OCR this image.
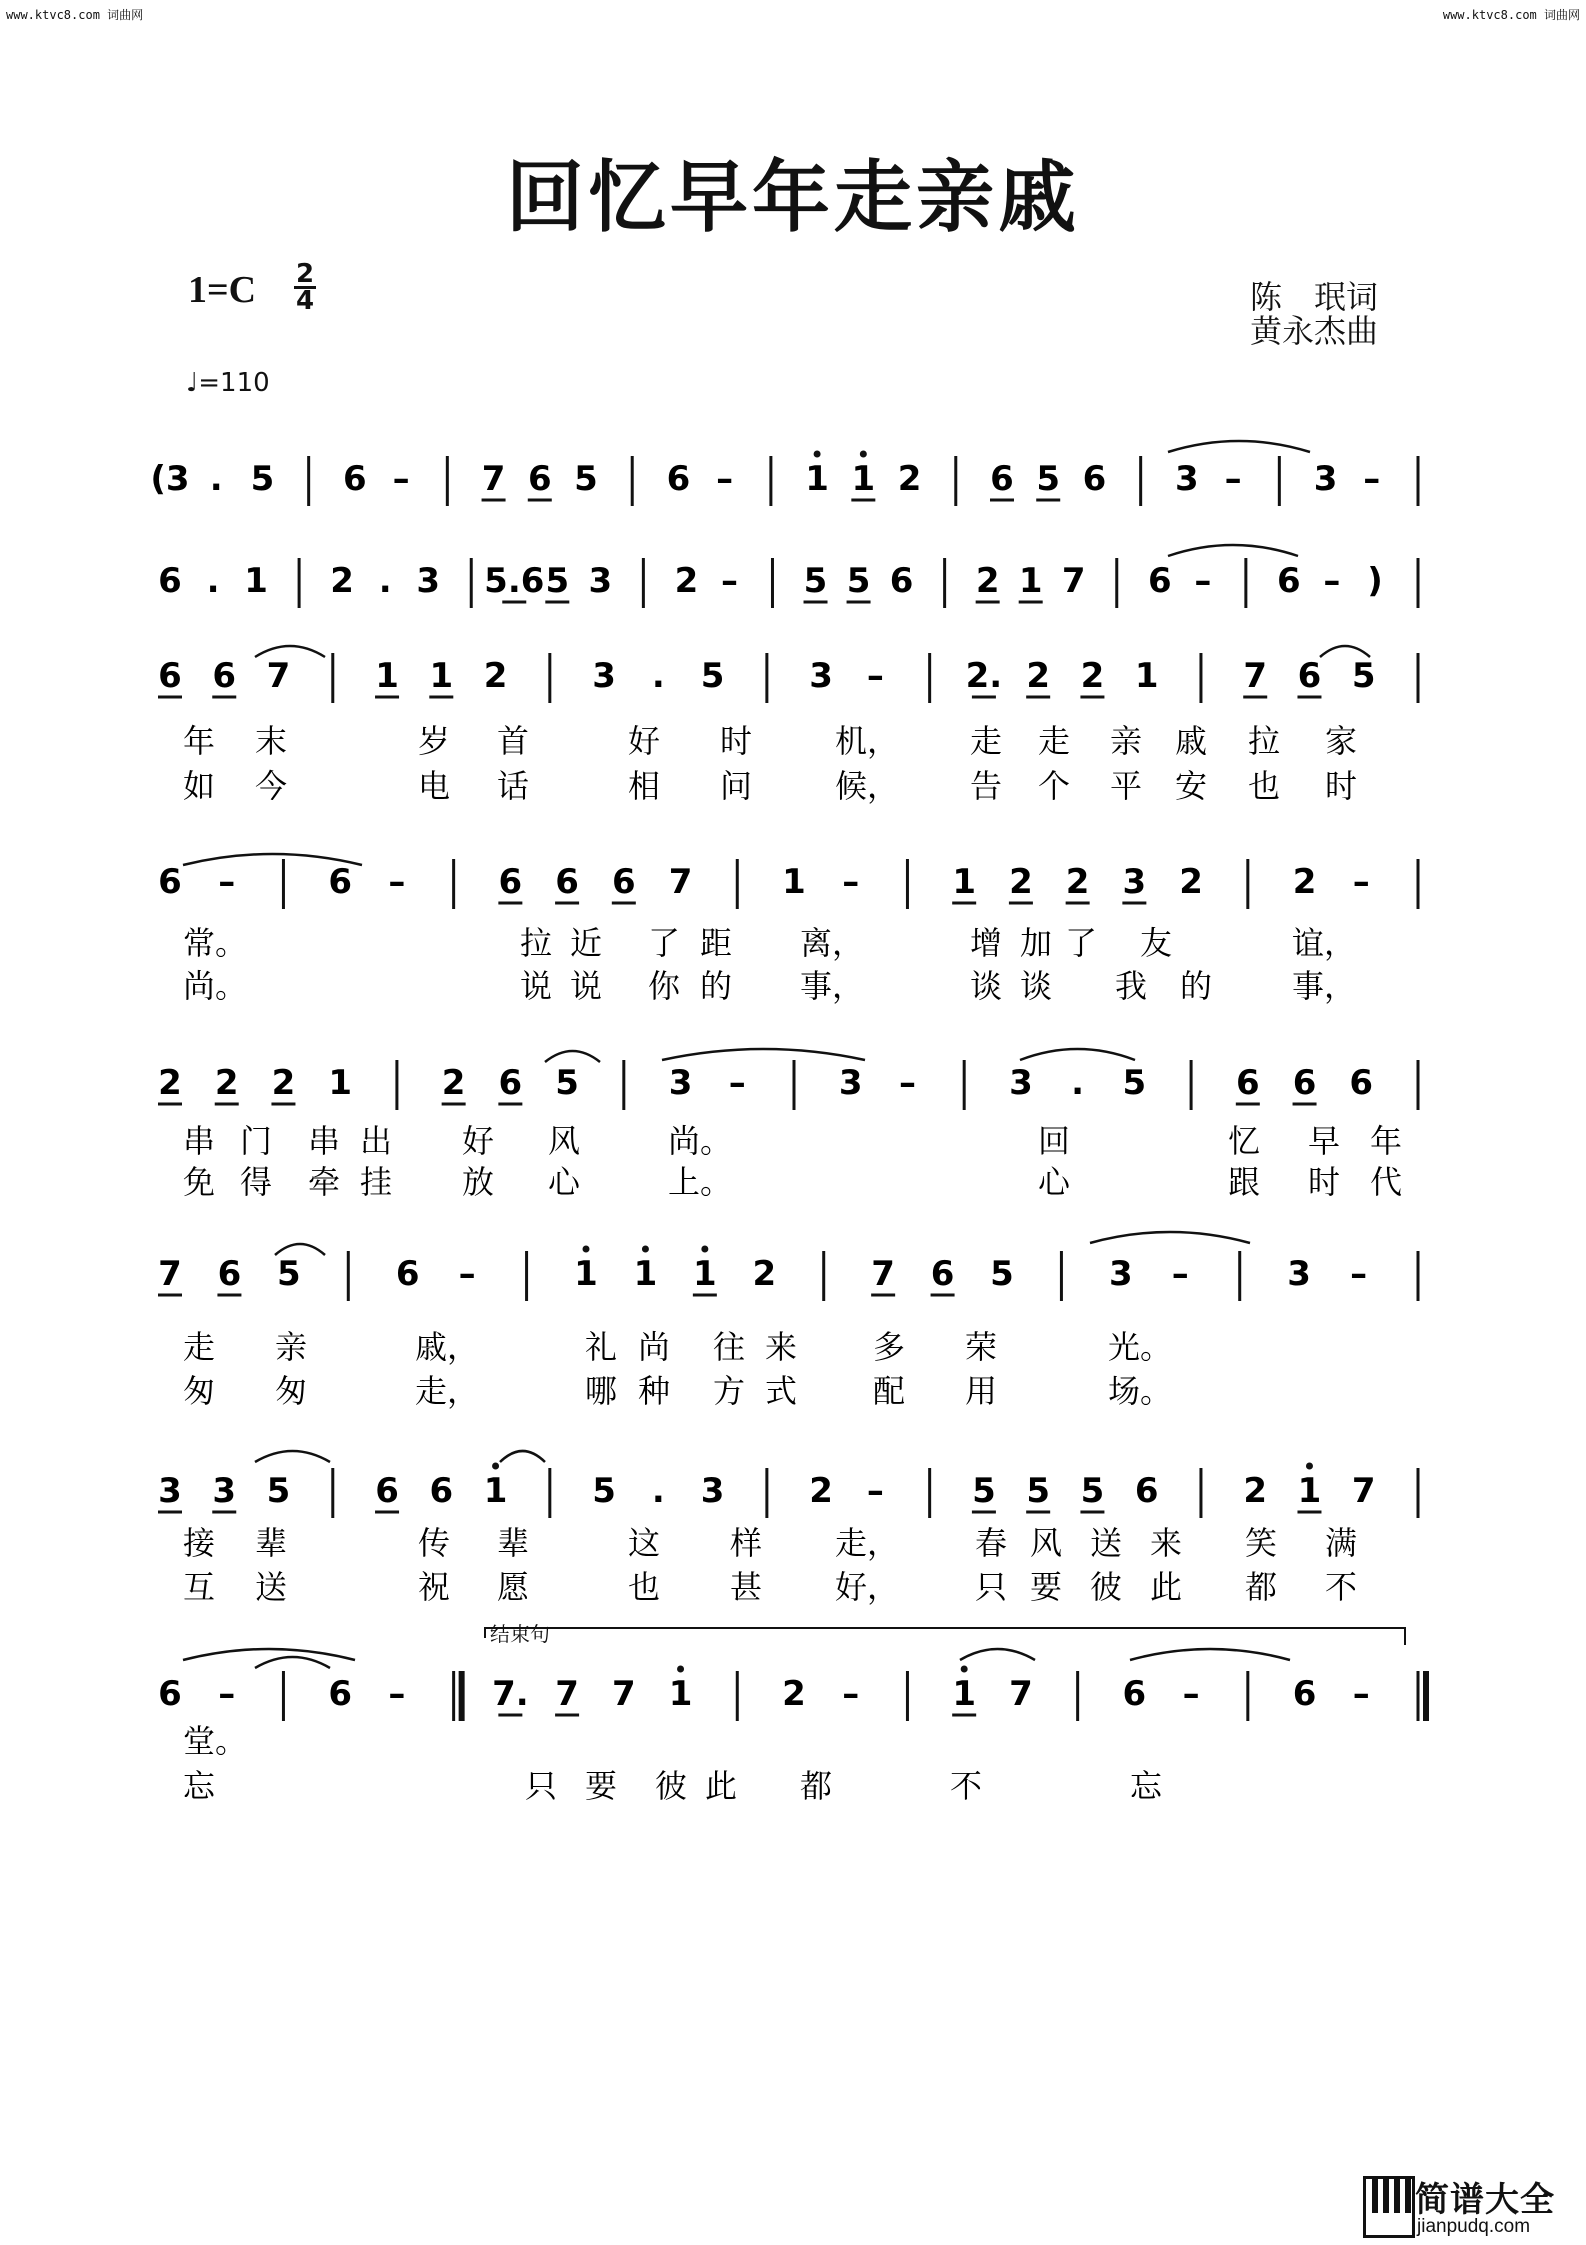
www.ktvc8.com 词曲网	www.ktvc8.com 词曲网
回忆早年走亲戚
1=C 2
4
♩=110
陈　珉词
黄永杰曲
(3 . 5 6 – 7 6 5 6 – 1 1 2 6 5 6 3 – 3 –
6 . 1 2 . 3 5.6 5 3 2 – 5 5 6 2 1 7 6 – 6 – )
6 6 7 1 1 2 3 . 5 3 – 2. 2 2 1 7 6 5
6 –	6 –	6 6 6 7	1 –	1 2 2 3 2	2 –
2 2 2 1	2 6 5	3 –	3 –	3 . 5	6 6 6
7 6 5	6 –	1 1 1 2	7 6 5	3 –	3 –
3 3 5 6 6 1 5 . 3 2 –	5 5 5 6 2 1 7
6 –	6 –	7. 7 7 1	2 –	1 7	6 –	6 –
年 末	岁 首	好 时	机， 走 走 亲 戚 拉 家
如 今	电 话	相 问	候， 告 个 平 安 也 时
常。	拉 近 了 距 离，	增 加 了 友	谊，
尚。	说 说 你 的 事，	谈 谈 我 的 事，
串 门 串 出 好 风	尚。	回	忆 早 年
免 得 牵 挂 放 心	上。	心	跟 时 代
走 亲	戚，	礼 尚 往 来 多 荣	光。
匆 匆	走，	哪 种 方 式 配 用	场。
接 辈	传 辈	这 样 走， 春 风 送 来 笑 满
互 送	祝 愿	也 甚 好， 只 要 彼 此 都 不
堂。
忘	只 要 彼 此 都	不	忘
结束句
简谱大全
jianpudq.com
